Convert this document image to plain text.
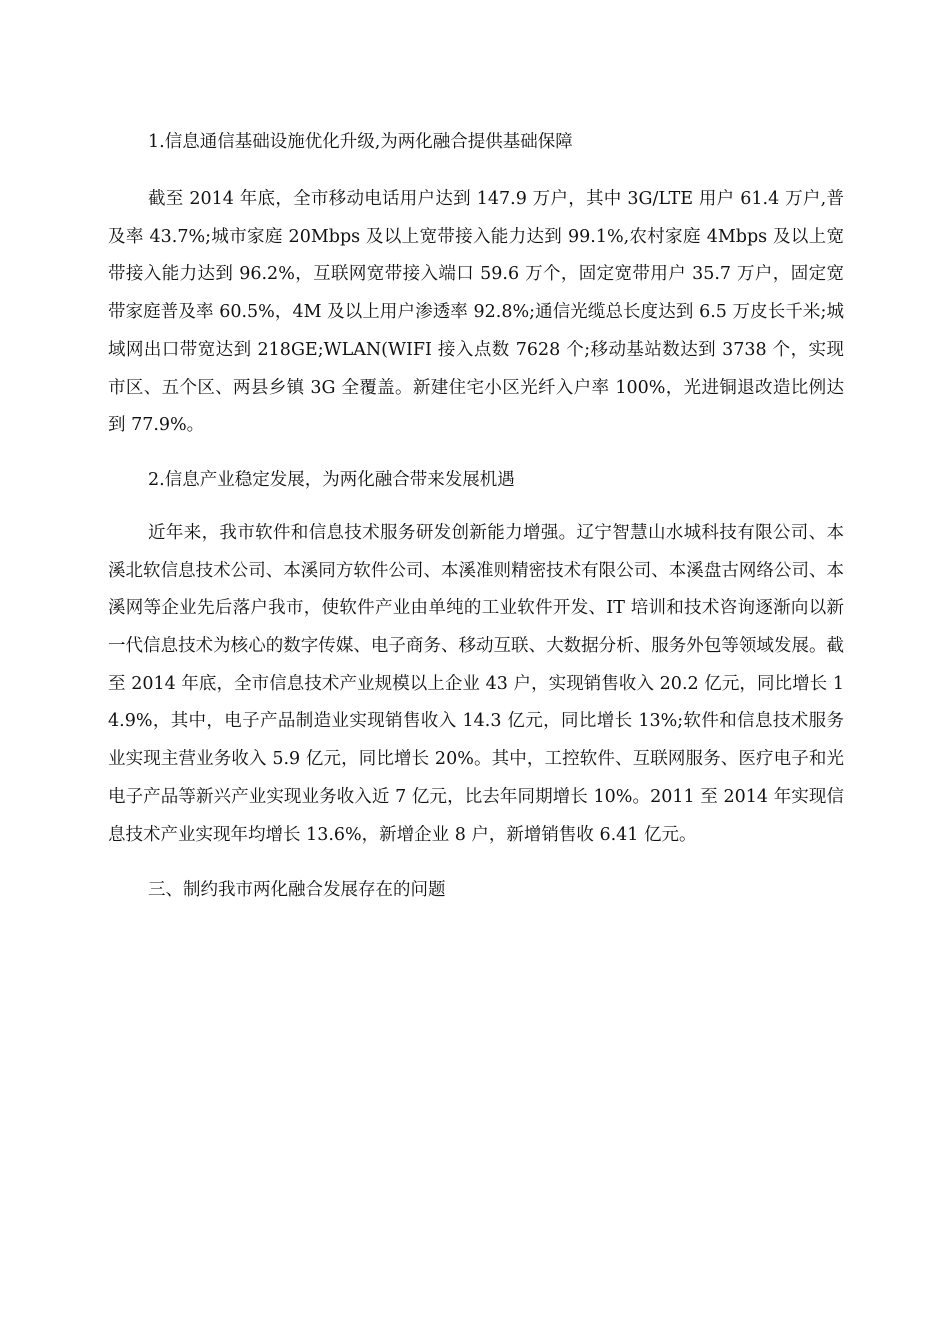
1.信息通信基础设施优化升级,为两化融合提供基础保障

截至 2014 年底，全市移动电话用户达到 147.9 万户，其中 3G/LTE 用户 61.4 万户,普及率 43.7%;城市家庭 20Mbps 及以上宽带接入能力达到 99.1%,农村家庭 4Mbps 及以上宽带接入能力达到 96.2%，互联网宽带接入端口 59.6 万个，固定宽带用户 35.7 万户，固定宽带家庭普及率 60.5%，4M 及以上用户渗透率 92.8%;通信光缆总长度达到 6.5 万皮长千米;城域网出口带宽达到 218GE;WLAN(WIFI 接入点数 7628 个;移动基站数达到 3738 个，实现市区、五个区、两县乡镇 3G 全覆盖。新建住宅小区光纤入户率 100%，光进铜退改造比例达到 77.9%。

2.信息产业稳定发展，为两化融合带来发展机遇

近年来，我市软件和信息技术服务研发创新能力增强。辽宁智慧山水城科技有限公司、本溪北软信息技术公司、本溪同方软件公司、本溪准则精密技术有限公司、本溪盘古网络公司、本溪网等企业先后落户我市，使软件产业由单纯的工业软件开发、IT 培训和技术咨询逐渐向以新一代信息技术为核心的数字传媒、电子商务、移动互联、大数据分析、服务外包等领域发展。截至 2014 年底，全市信息技术产业规模以上企业 43 户，实现销售收入 20.2 亿元，同比增长 14.9%，其中，电子产品制造业实现销售收入 14.3 亿元，同比增长 13%;软件和信息技术服务业实现主营业务收入 5.9 亿元，同比增长 20%。其中，工控软件、互联网服务、医疗电子和光电子产品等新兴产业实现业务收入近 7 亿元，比去年同期增长 10%。2011 至 2014 年实现信息技术产业实现年均增长 13.6%，新增企业 8 户，新增销售收 6.41 亿元。

三、制约我市两化融合发展存在的问题
